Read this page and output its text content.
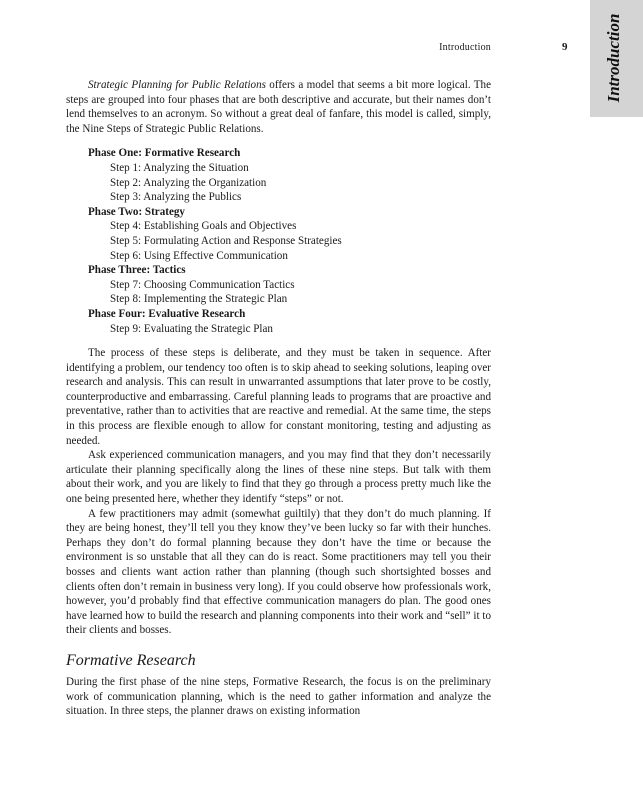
Introduction
Introduction	9

Strategic Planning for Public Relations offers a model that seems a bit more logical. The steps are grouped into four phases that are both descriptive and accurate, but their names don’t lend themselves to an acronym. So without a great deal of fanfare, this model is called, simply, the Nine Steps of Strategic Public Relations.

Phase One: Formative Research
Step 1: Analyzing the Situation
Step 2: Analyzing the Organization
Step 3: Analyzing the Publics
Phase Two: Strategy
Step 4: Establishing Goals and Objectives
Step 5: Formulating Action and Response Strategies
Step 6: Using Effective Communication
Phase Three: Tactics
Step 7: Choosing Communication Tactics
Step 8: Implementing the Strategic Plan
Phase Four: Evaluative Research
Step 9: Evaluating the Strategic Plan

The process of these steps is deliberate, and they must be taken in sequence. After identifying a problem, our tendency too often is to skip ahead to seeking solutions, leaping over research and analysis. This can result in unwarranted assumptions that later prove to be costly, counterproductive and embarrassing. Careful planning leads to programs that are proactive and preventative, rather than to activities that are reactive and remedial. At the same time, the steps in this process are flexible enough to allow for constant monitoring, testing and adjusting as needed.

Ask experienced communication managers, and you may find that they don’t necessarily articulate their planning specifically along the lines of these nine steps. But talk with them about their work, and you are likely to find that they go through a process pretty much like the one being presented here, whether they identify “steps” or not.

A few practitioners may admit (somewhat guiltily) that they don’t do much planning. If they are being honest, they’ll tell you they know they’ve been lucky so far with their hunches. Perhaps they don’t do formal planning because they don’t have the time or because the environment is so unstable that all they can do is react. Some practitioners may tell you their bosses and clients want action rather than planning (though such shortsighted bosses and clients often don’t remain in business very long). If you could observe how professionals work, however, you’d probably find that effective communication managers do plan. The good ones have learned how to build the research and planning components into their work and “sell” it to their clients and bosses.

Formative Research

During the first phase of the nine steps, Formative Research, the focus is on the preliminary work of communication planning, which is the need to gather information and analyze the situation. In three steps, the planner draws on existing information
